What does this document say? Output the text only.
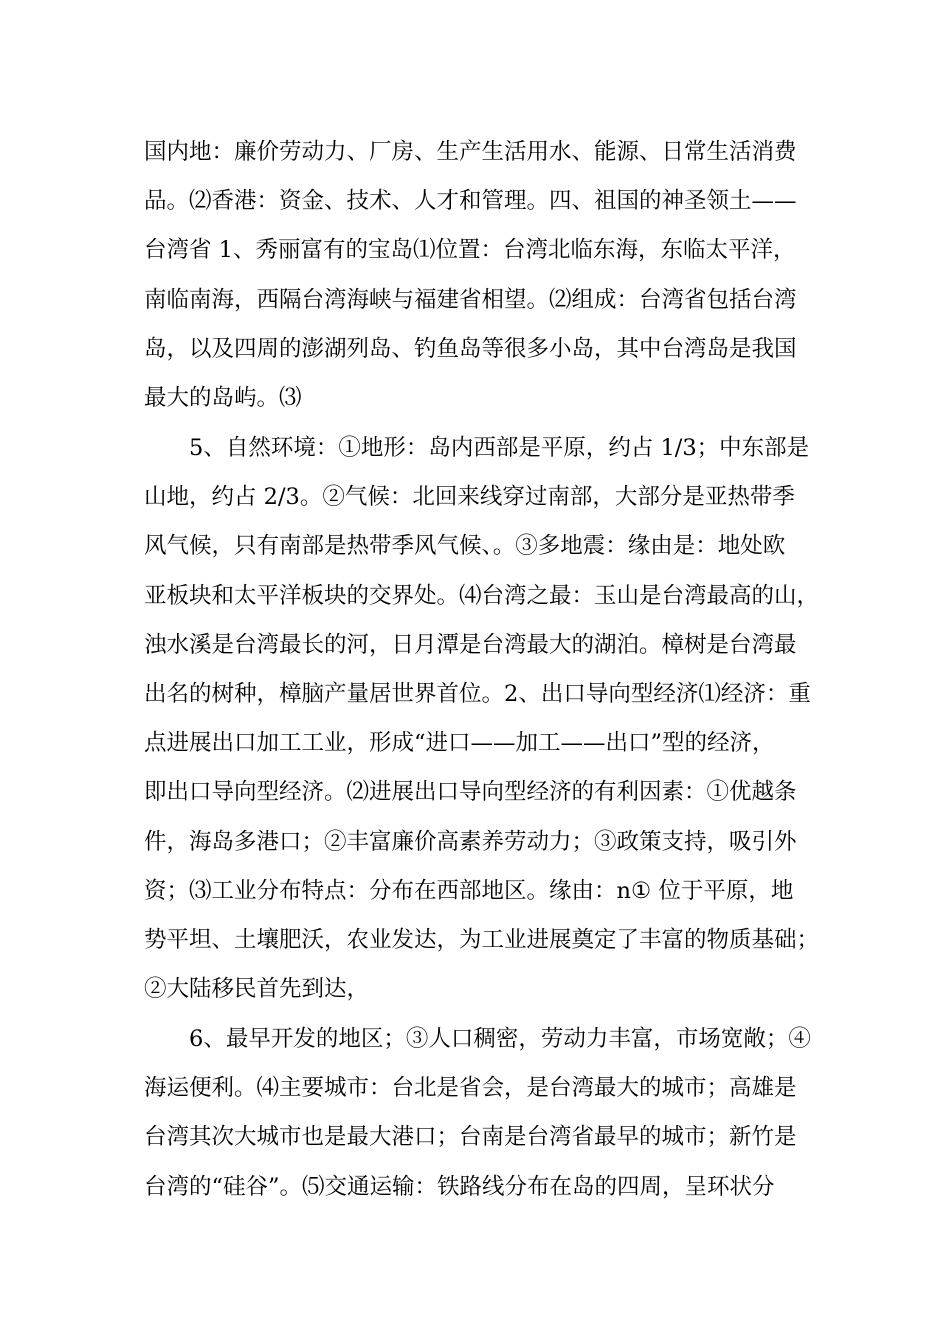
国内地：廉价劳动力、厂房、生产生活用水、能源、日常生活消费
品。⑵香港：资金、技术、人才和管理。四、祖国的神圣领土——
台湾省 1、秀丽富有的宝岛⑴位置：台湾北临东海，东临太平洋，
南临南海，西隔台湾海峡与福建省相望。⑵组成：台湾省包括台湾
岛，以及四周的澎湖列岛、钓鱼岛等很多小岛，其中台湾岛是我国
最大的岛屿。⑶
　　5、自然环境：①地形：岛内西部是平原，约占 1/3；中东部是
山地，约占 2/3。②气候：北回来线穿过南部，大部分是亚热带季
风气候，只有南部是热带季风气候、。③多地震：缘由是：地处欧
亚板块和太平洋板块的交界处。⑷台湾之最：玉山是台湾最高的山，
浊水溪是台湾最长的河，日月潭是台湾最大的湖泊。樟树是台湾最
出名的树种，樟脑产量居世界首位。2、出口导向型经济⑴经济：重
点进展出口加工工业，形成“进口——加工——出口”型的经济，
即出口导向型经济。⑵进展出口导向型经济的有利因素：①优越条
件，海岛多港口；②丰富廉价高素养劳动力；③政策支持，吸引外
资；⑶工业分布特点：分布在西部地区。缘由：n① 位于平原，地
势平坦、土壤肥沃，农业发达，为工业进展奠定了丰富的物质基础；
②大陆移民首先到达，
　　6、最早开发的地区；③人口稠密，劳动力丰富，市场宽敞；④
海运便利。⑷主要城市：台北是省会，是台湾最大的城市；高雄是
台湾其次大城市也是最大港口；台南是台湾省最早的城市；新竹是
台湾的“硅谷”。⑸交通运输：铁路线分布在岛的四周，呈环状分
